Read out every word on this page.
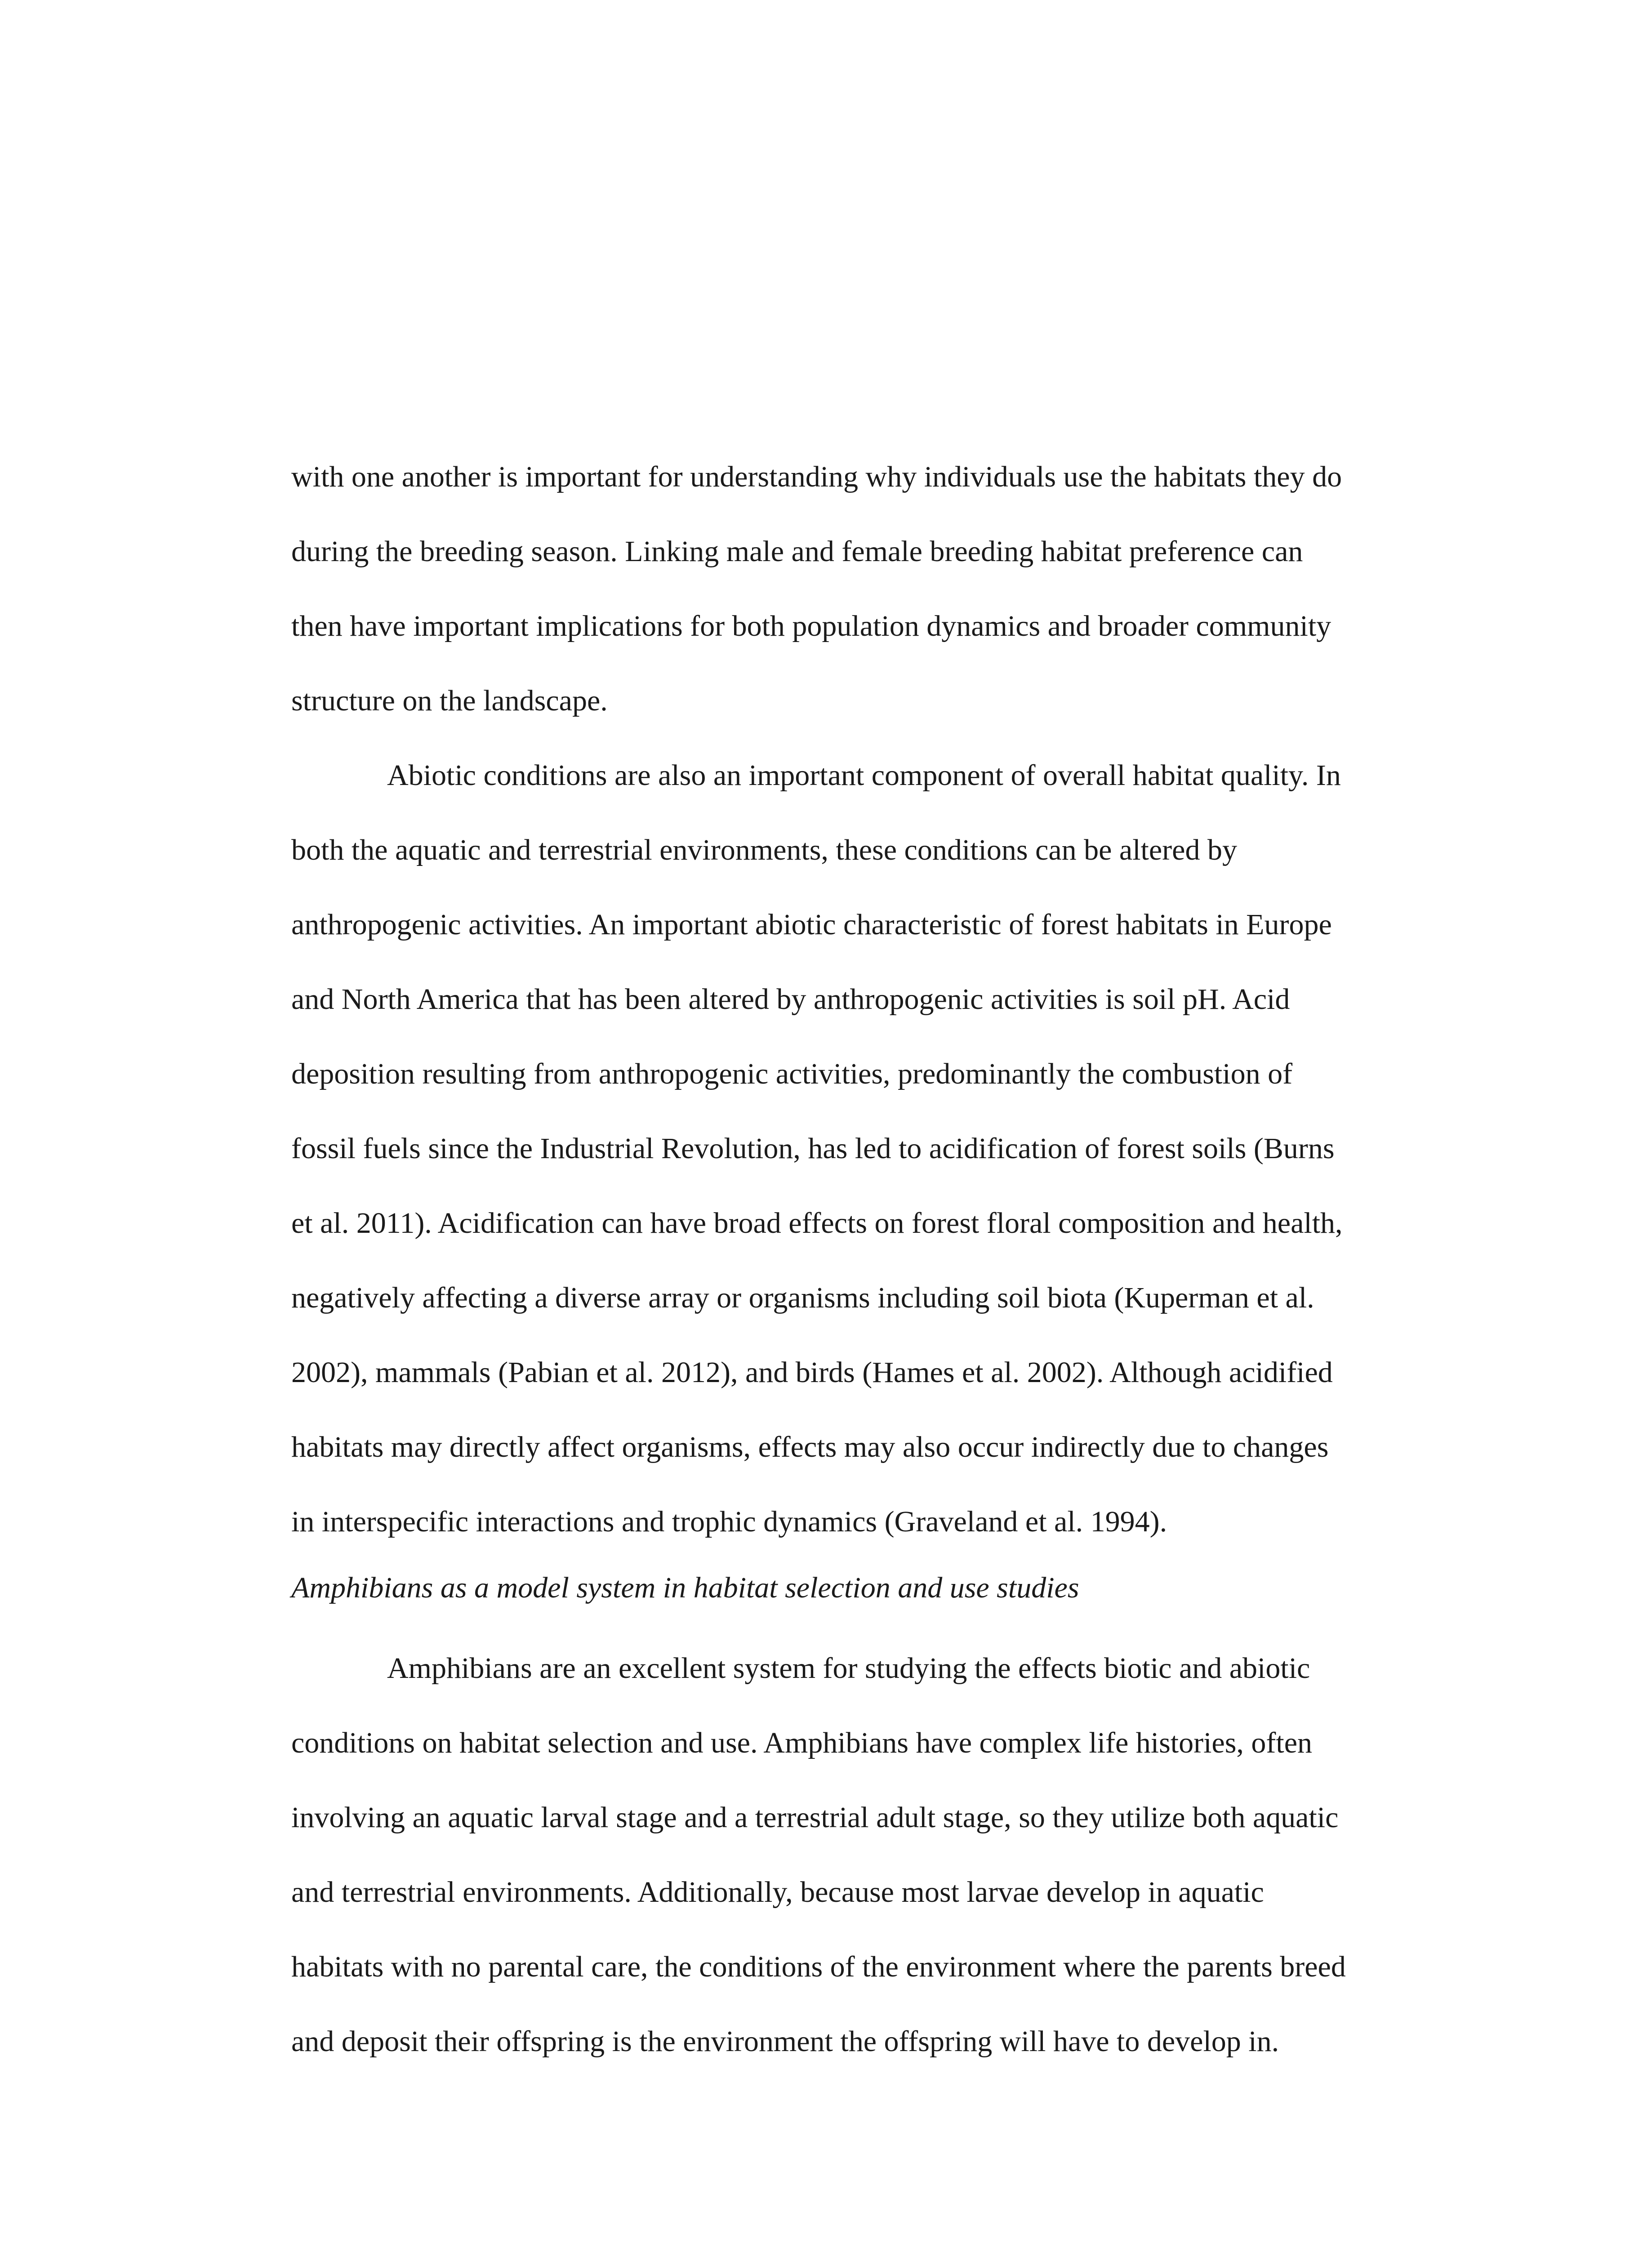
with one another is important for understanding why individuals use the habitats they do
during the breeding season. Linking male and female breeding habitat preference can
then have important implications for both population dynamics and broader community
structure on the landscape.
Abiotic conditions are also an important component of overall habitat quality. In
both the aquatic and terrestrial environments, these conditions can be altered by
anthropogenic activities. An important abiotic characteristic of forest habitats in Europe
and North America that has been altered by anthropogenic activities is soil pH. Acid
deposition resulting from anthropogenic activities, predominantly the combustion of
fossil fuels since the Industrial Revolution, has led to acidification of forest soils (Burns
et al. 2011). Acidification can have broad effects on forest floral composition and health,
negatively affecting a diverse array or organisms including soil biota (Kuperman et al.
2002), mammals (Pabian et al. 2012), and birds (Hames et al. 2002). Although acidified
habitats may directly affect organisms, effects may also occur indirectly due to changes
in interspecific interactions and trophic dynamics (Graveland et al. 1994).
Amphibians as a model system in habitat selection and use studies
Amphibians are an excellent system for studying the effects biotic and abiotic
conditions on habitat selection and use. Amphibians have complex life histories, often
involving an aquatic larval stage and a terrestrial adult stage, so they utilize both aquatic
and terrestrial environments. Additionally, because most larvae develop in aquatic
habitats with no parental care, the conditions of the environment where the parents breed
and deposit their offspring is the environment the offspring will have to develop in.
